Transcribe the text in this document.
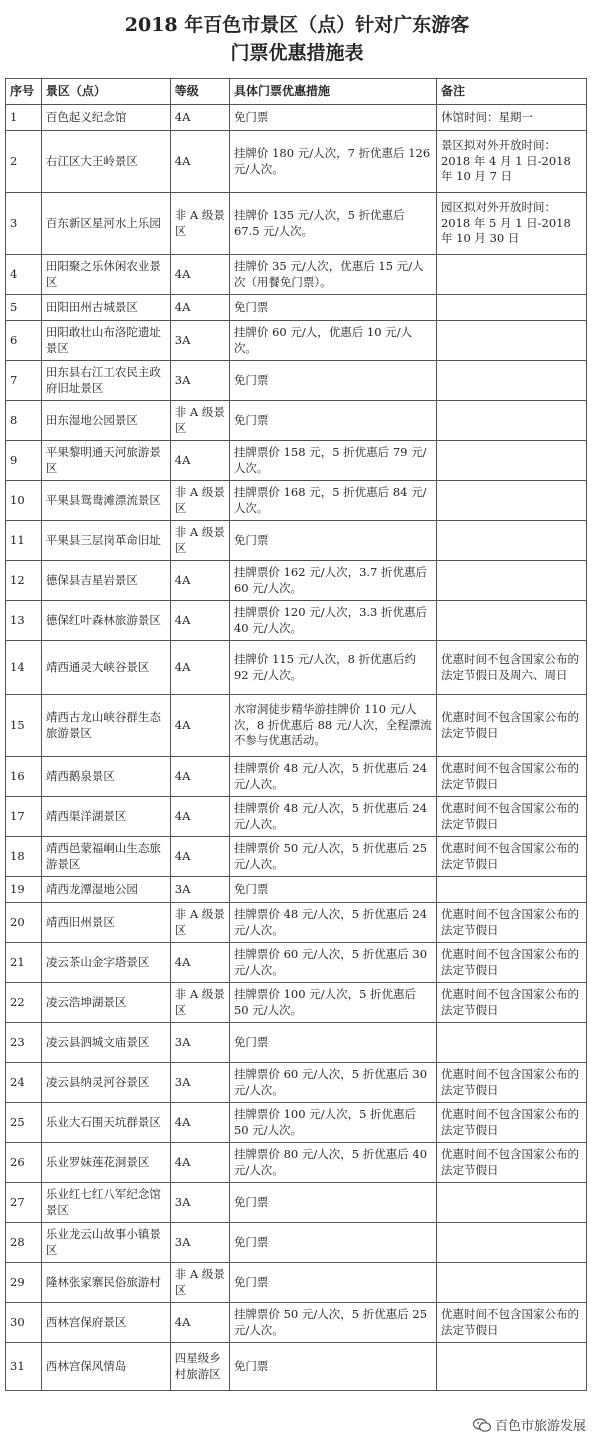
2018 年百色市景区（点）针对广东游客
门票优惠措施表
序号	景区（点）	等级	具体门票优惠措施	备注
1	百色起义纪念馆	4A	免门票	休馆时间：星期一
2	右江区大王岭景区	4A	挂牌价 180 元/人次，7 折优惠后 126 元/人次。	景区拟对外开放时间：2018 年 4 月 1 日-2018 年 10 月 7 日
3	百东新区星河水上乐园	非 A 级景区	挂牌价 135 元/人次，5 折优惠后 67.5 元/人次。	园区拟对外开放时间：2018 年 5 月 1 日-2018 年 10 月 30 日
4	田阳聚之乐休闲农业景区	4A	挂牌价 35 元/人次，优惠后 15 元/人次（用餐免门票）。	
5	田阳田州古城景区	4A	免门票	
6	田阳敢壮山布洛陀遗址景区	3A	挂牌价 60 元/人，优惠后 10 元/人次。	
7	田东县右江工农民主政府旧址景区	3A	免门票	
8	田东湿地公园景区	非 A 级景区	免门票	
9	平果黎明通天河旅游景区	4A	挂牌票价 158 元，5 折优惠后 79 元/人次。	
10	平果县鸳鸯滩漂流景区	非 A 级景区	挂牌票价 168 元，5 折优惠后 84 元/人次。	
11	平果县三层岗革命旧址	非 A 级景区	免门票	
12	德保县吉星岩景区	4A	挂牌票价 162 元/人次，3.7 折优惠后 60 元/人次。	
13	德保红叶森林旅游景区	4A	挂牌票价 120 元/人次，3.3 折优惠后 40 元/人次。	
14	靖西通灵大峡谷景区	4A	挂牌价 115 元/人次，8 折优惠后约 92 元/人次。	优惠时间不包含国家公布的法定节假日及周六、周日
15	靖西古龙山峡谷群生态旅游景区	4A	水帘洞徒步精华游挂牌价 110 元/人次，8 折优惠后 88 元/人次，全程漂流不参与优惠活动。	优惠时间不包含国家公布的法定节假日
16	靖西鹅泉景区	4A	挂牌票价 48 元/人次，5 折优惠后 24 元/人次。	优惠时间不包含国家公布的法定节假日
17	靖西渠洋湖景区	4A	挂牌票价 48 元/人次，5 折优惠后 24 元/人次。	优惠时间不包含国家公布的法定节假日
18	靖西邑蒙福峒山生态旅游景区	4A	挂牌票价 50 元/人次，5 折优惠后 25 元/人次。	优惠时间不包含国家公布的法定节假日
19	靖西龙潭湿地公园	3A	免门票	
20	靖西旧州景区	非 A 级景区	挂牌票价 48 元/人次，5 折优惠后 24 元/人次。	优惠时间不包含国家公布的法定节假日
21	凌云茶山金字塔景区	4A	挂牌票价 60 元/人次，5 折优惠后 30 元/人次。	优惠时间不包含国家公布的法定节假日
22	凌云浩坤湖景区	非 A 级景区	挂牌票价 100 元/人次，5 折优惠后 50 元/人次。	优惠时间不包含国家公布的法定节假日
23	凌云县泗城文庙景区	3A	免门票	
24	凌云县纳灵河谷景区	3A	挂牌票价 60 元/人次，5 折优惠后 30 元/人次。	优惠时间不包含国家公布的法定节假日
25	乐业大石围天坑群景区	4A	挂牌票价 100 元/人次，5 折优惠后 50 元/人次。	优惠时间不包含国家公布的法定节假日
26	乐业罗妹莲花洞景区	4A	挂牌票价 80 元/人次，5 折优惠后 40 元/人次。	优惠时间不包含国家公布的法定节假日
27	乐业红七红八军纪念馆景区	3A	免门票	
28	乐业龙云山故事小镇景区	3A	免门票	
29	隆林张家寨民俗旅游村	非 A 级景区	免门票	
30	西林宫保府景区	4A	挂牌票价 50 元/人次，5 折优惠后 25 元/人次。	优惠时间不包含国家公布的法定节假日
31	西林宫保风情岛	四星级乡村旅游区	免门票	
百色市旅游发展
